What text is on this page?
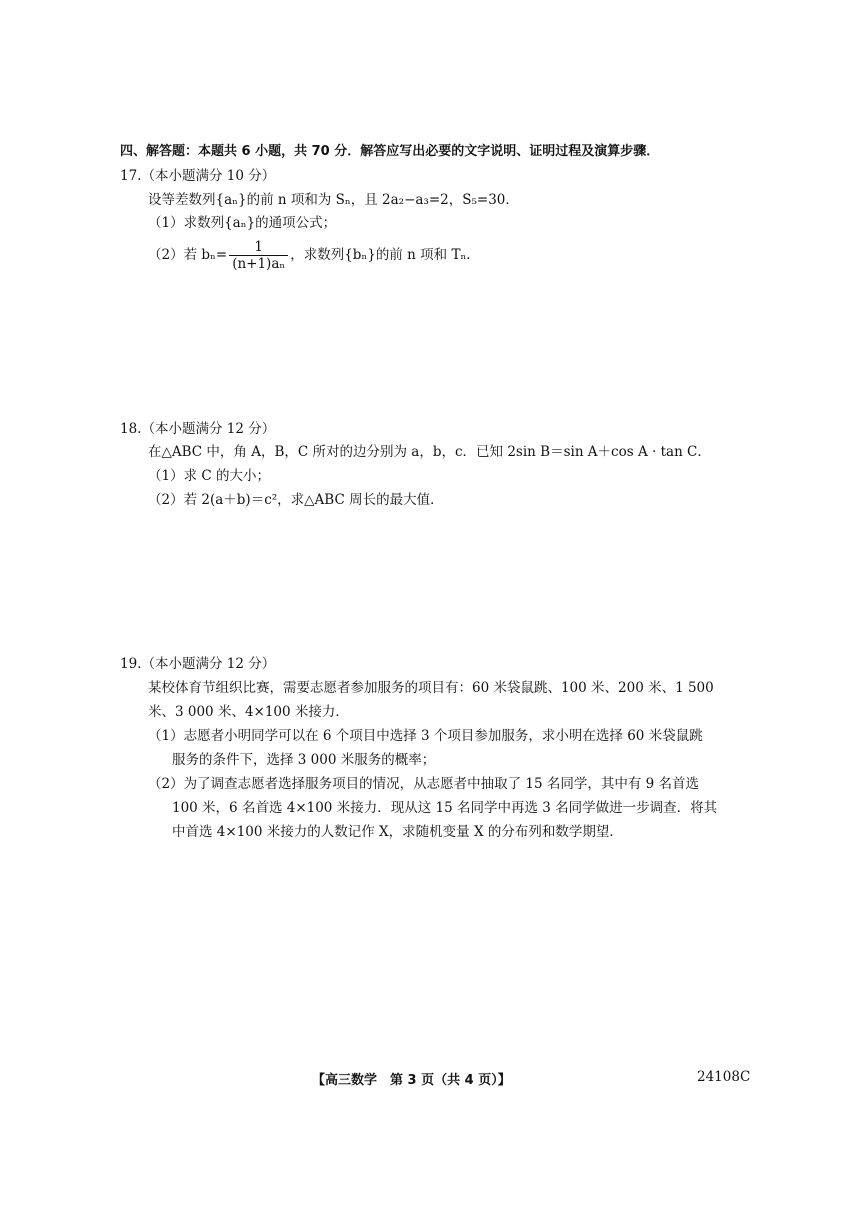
四、解答题：本题共 6 小题，共 70 分．解答应写出必要的文字说明、证明过程及演算步骤．
17.（本小题满分 10 分）
设等差数列{aₙ}的前 n 项和为 Sₙ，且 2a₂−a₃=2，S₅=30．
（1）求数列{aₙ}的通项公式；
（2）若 $b_n= \frac{1}{\text{(n+1)aₙ}}$ ，求数列{bₙ}的前 n 项和 Tₙ．
18.（本小题满分 12 分）
在△ABC 中，角 A，B，C 所对的边分别为 a，b，c．已知 2sin B＝sin A＋cos A · tan C．
（1）求 C 的大小；
（2）若 2(a＋b)＝c²，求△ABC 周长的最大值．
19.（本小题满分 12 分）
某校体育节组织比赛，需要志愿者参加服务的项目有：60 米袋鼠跳、100 米、200 米、1 500
米、3 000 米、4×100 米接力．
（1）志愿者小明同学可以在 6 个项目中选择 3 个项目参加服务，求小明在选择 60 米袋鼠跳
服务的条件下，选择 3 000 米服务的概率；
（2）为了调查志愿者选择服务项目的情况，从志愿者中抽取了 15 名同学，其中有 9 名首选
100 米，6 名首选 4×100 米接力．现从这 15 名同学中再选 3 名同学做进一步调查．将其
中首选 4×100 米接力的人数记作 X，求随机变量 X 的分布列和数学期望．
【高三数学　第 3 页（共 4 页）】	24108C
